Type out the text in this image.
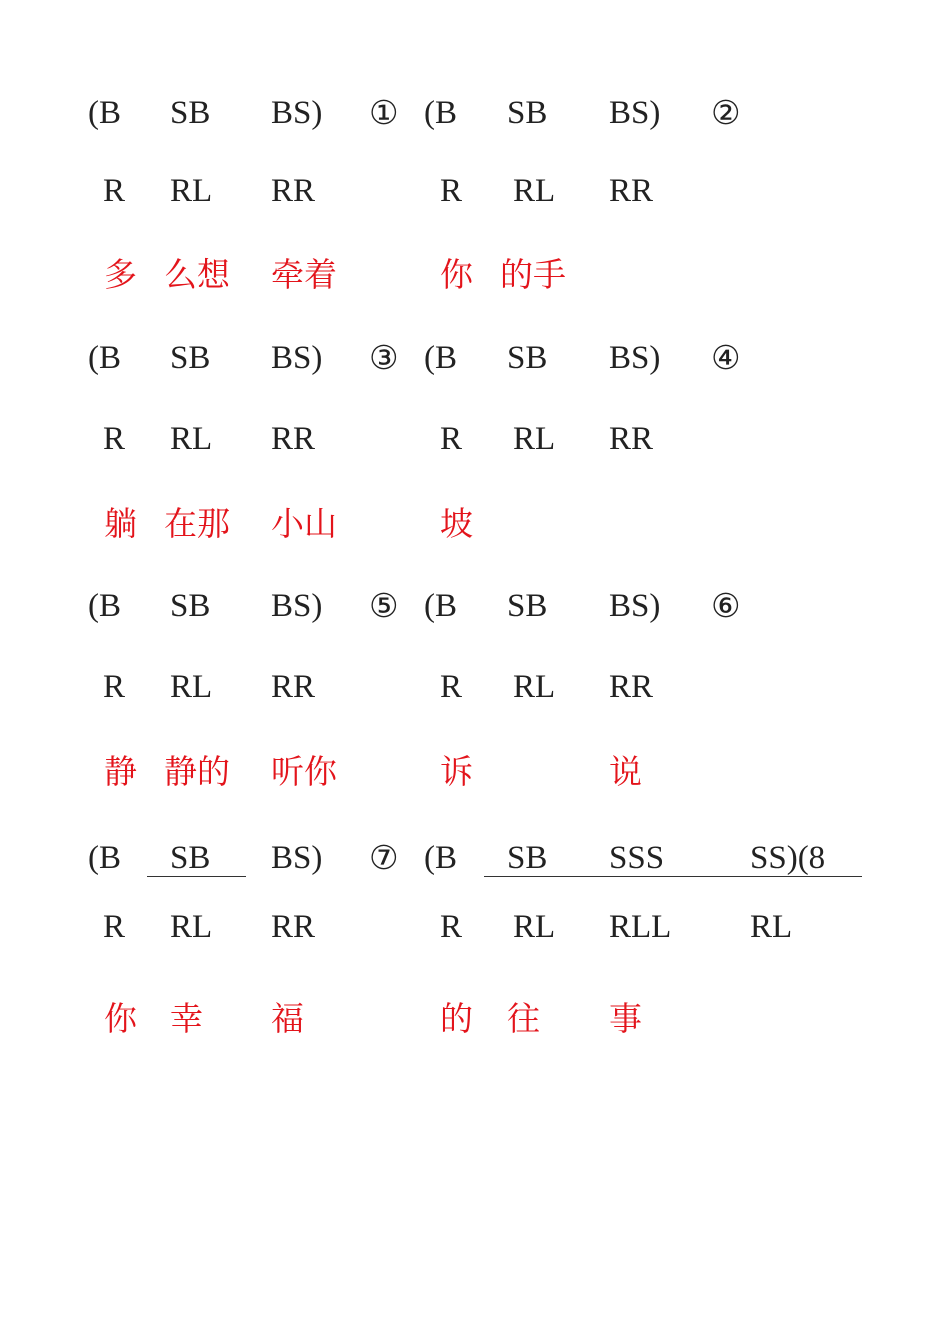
(B SB BS) ① (B SB BS) ②
R RL RR	R RL RR
多 么想 牵着	你 的手
(B SB BS) ③ (B SB BS) ④
R RL RR	R RL RR
躺 在那 小山	坡
(B SB BS) ⑤ (B SB BS) ⑥
R RL RR	R RL RR
静 静的 听你	诉	说
(B SB BS) ⑦ (B SB SSS	SS)(8
R RL RR	R RL RLL RL
你 幸 福	的 往 事
